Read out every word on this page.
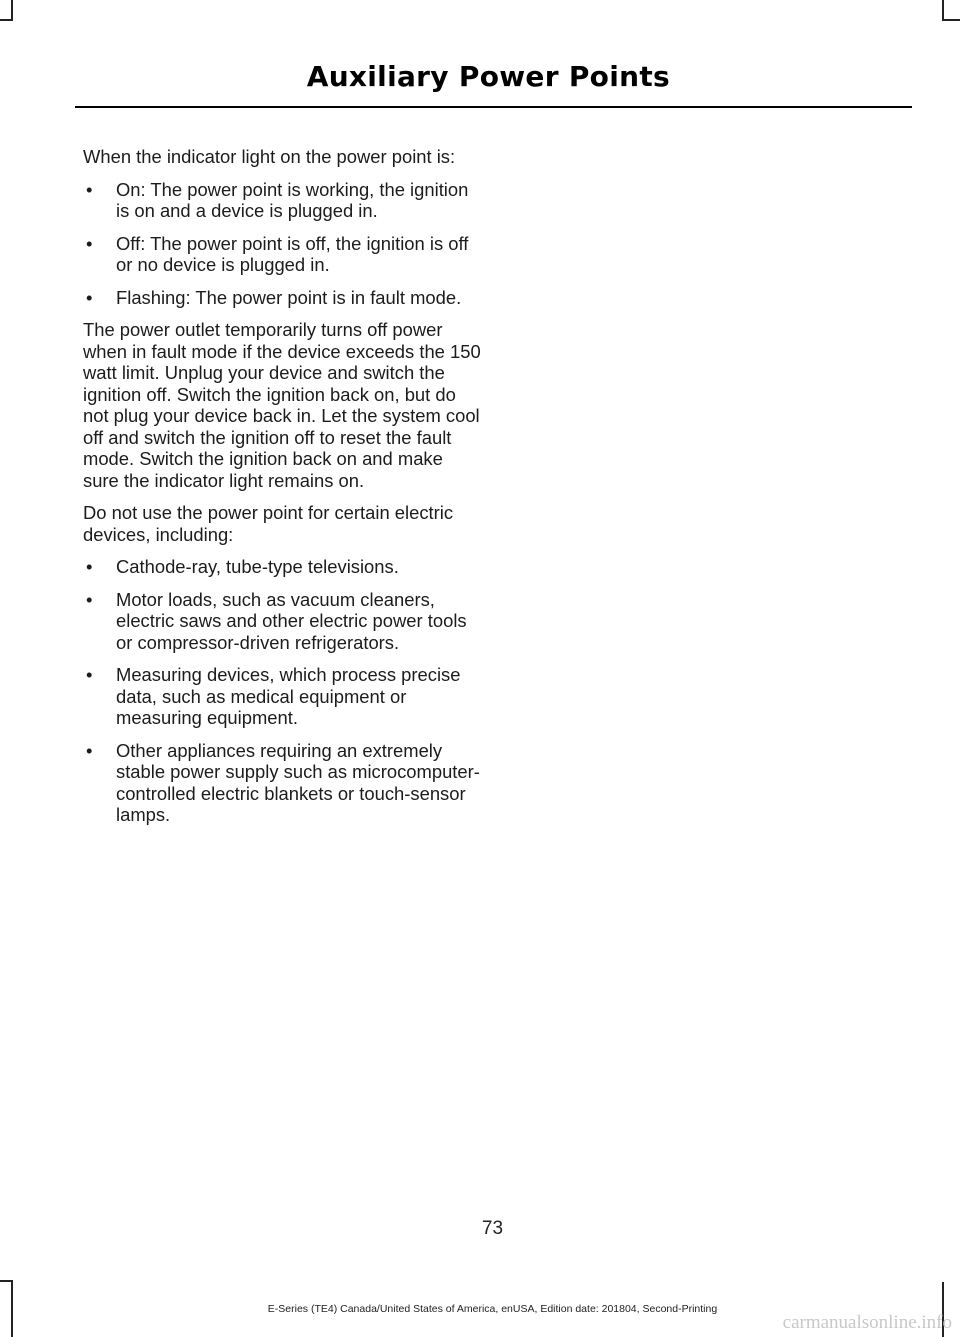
Auxiliary Power Points

When the indicator light on the power point is:

• On: The power point is working, the ignition is on and a device is plugged in.
• Off: The power point is off, the ignition is off or no device is plugged in.
• Flashing: The power point is in fault mode.

The power outlet temporarily turns off power when in fault mode if the device exceeds the 150 watt limit. Unplug your device and switch the ignition off. Switch the ignition back on, but do not plug your device back in. Let the system cool off and switch the ignition off to reset the fault mode. Switch the ignition back on and make sure the indicator light remains on.

Do not use the power point for certain electric devices, including:

• Cathode-ray, tube-type televisions.
• Motor loads, such as vacuum cleaners, electric saws and other electric power tools or compressor-driven refrigerators.
• Measuring devices, which process precise data, such as medical equipment or measuring equipment.
• Other appliances requiring an extremely stable power supply such as microcomputer-controlled electric blankets or touch-sensor lamps.
73
E-Series (TE4) Canada/United States of America, enUSA, Edition date: 201804, Second-Printing
carmanualsonline.info
